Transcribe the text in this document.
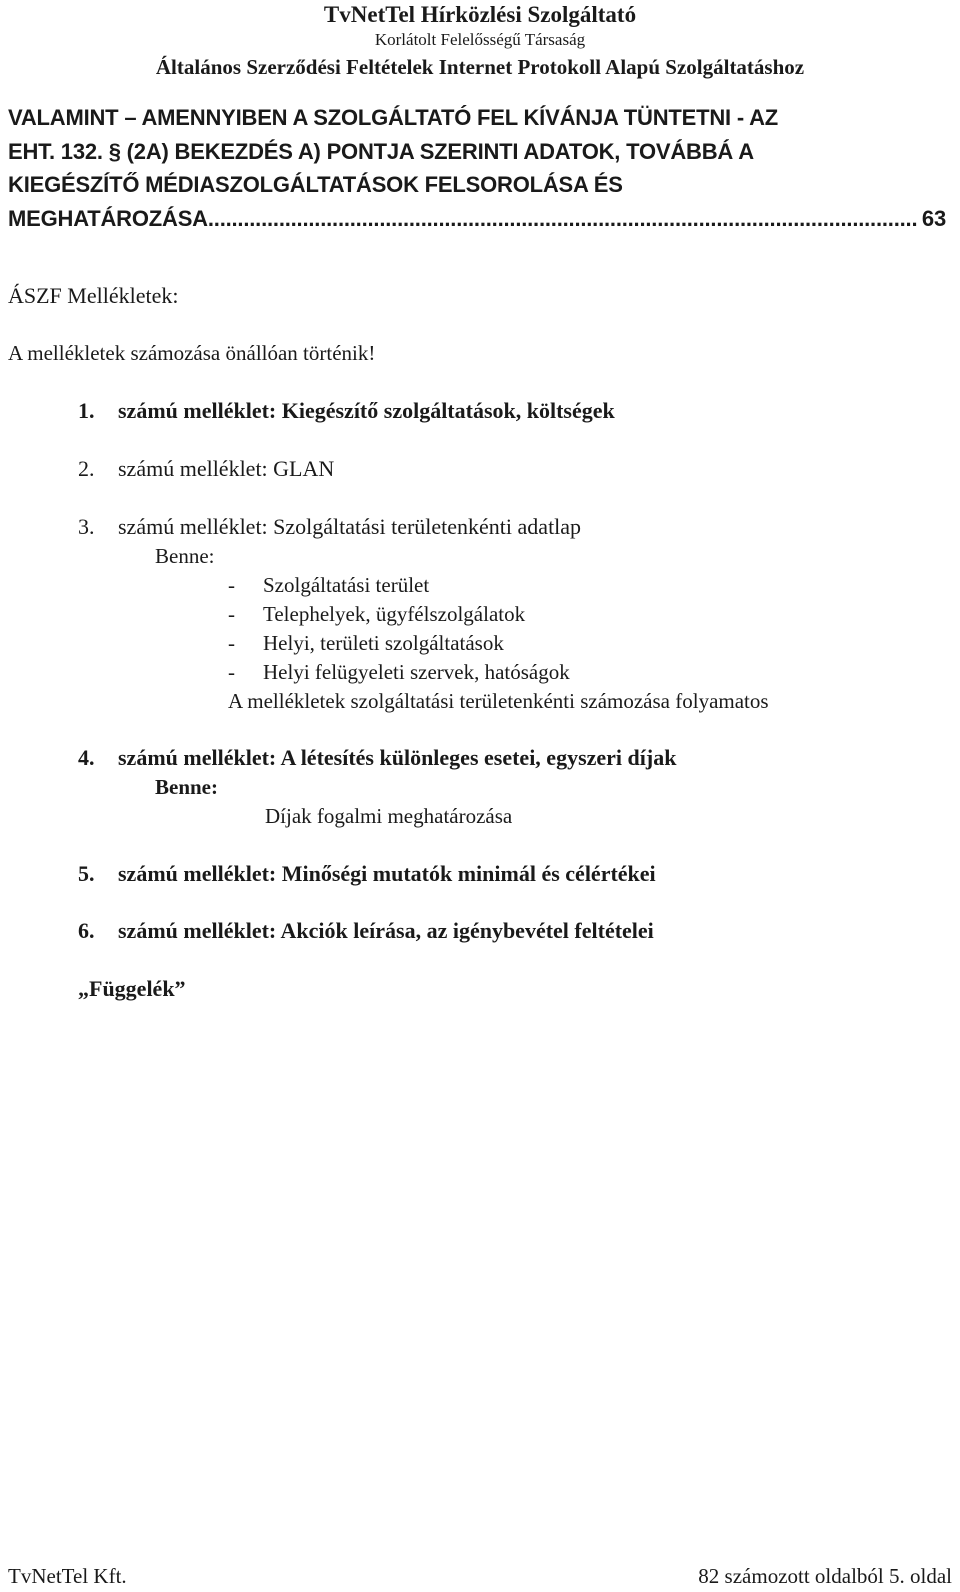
TvNetTel Hírközlési Szolgáltató
Korlátolt Felelősségű Társaság
Általános Szerződési Feltételek Internet Protokoll Alapú Szolgáltatáshoz
VALAMINT – AMENNYIBEN A SZOLGÁLTATÓ FEL KÍVÁNJA TÜNTETNI - AZ
EHT. 132. § (2A) BEKEZDÉS A) PONTJA SZERINTI ADATOK, TOVÁBBÁ A
KIEGÉSZÍTŐ MÉDIASZOLGÁLTATÁSOK FELSOROLÁSA ÉS
MEGHATÁROZÁSA
.....	63
ÁSZF Mellékletek:
A mellékletek számozása önállóan történik!
1. számú melléklet: Kiegészítő szolgáltatások, költségek
2. számú melléklet: GLAN
3. számú melléklet: Szolgáltatási területenkénti adatlap
Benne:
- Szolgáltatási terület
- Telephelyek, ügyfélszolgálatok
- Helyi, területi szolgáltatások
- Helyi felügyeleti szervek, hatóságok
A mellékletek szolgáltatási területenkénti számozása folyamatos
4. számú melléklet: A létesítés különleges esetei, egyszeri díjak
Benne:
Díjak fogalmi meghatározása
5. számú melléklet: Minőségi mutatók minimál és célértékei
6. számú melléklet: Akciók leírása, az igénybevétel feltételei
„Függelék”
TvNetTel Kft.	82 számozott oldalból 5. oldal
